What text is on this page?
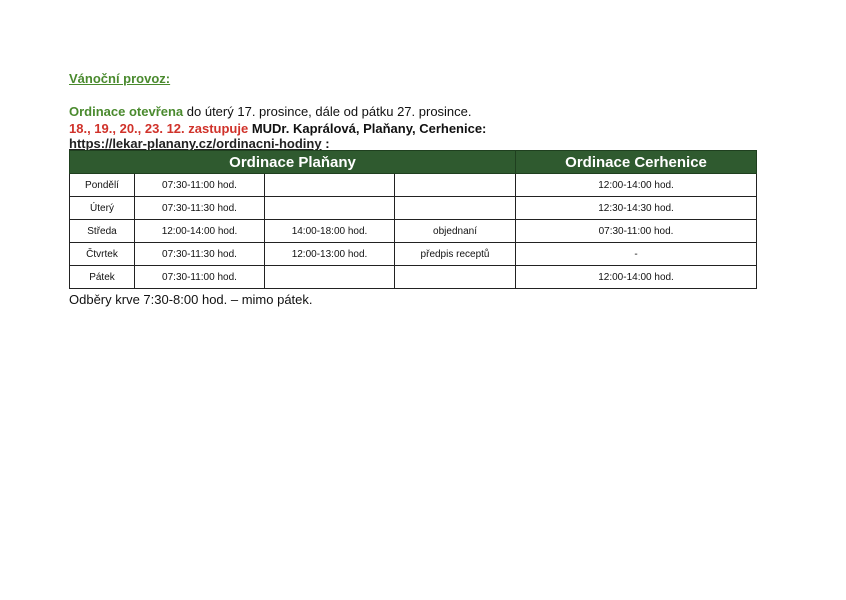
Vánoční provoz:
Ordinace otevřena do úterý 17. prosince, dále od pátku 27. prosince.
18., 19., 20., 23. 12. zastupuje MUDr. Kaprálová, Plaňany, Cerhenice:
https://lekar-planany.cz/ordinacni-hodiny :
Ordinace Plaňany				Ordinace Cerhenice
Pondělí	07:30-11:00 hod.			12:00-14:00 hod.
Úterý	07:30-11:30 hod.			12:30-14:30 hod.
Středa	12:00-14:00 hod.	14:00-18:00 hod.	objednaní	07:30-11:00 hod.
Čtvrtek	07:30-11:30 hod.	12:00-13:00 hod.	předpis receptů	-
Pátek	07:30-11:00 hod.			12:00-14:00 hod.
Odběry krve 7:30-8:00 hod. – mimo pátek.
